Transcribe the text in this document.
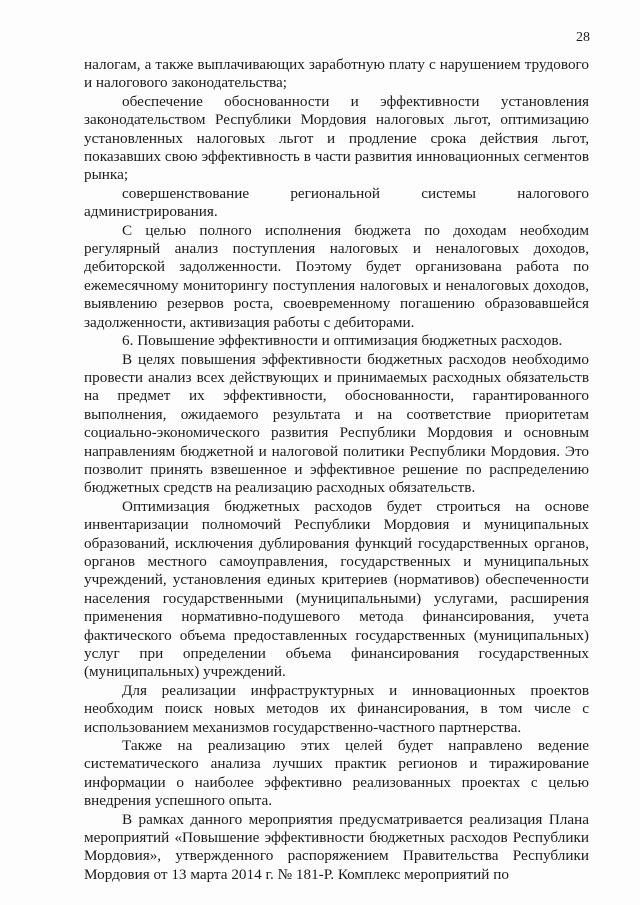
28

налогам, а также выплачивающих заработную плату с нарушением трудового и налогового законодательства;

обеспечение обоснованности и эффективности установления законодательством Республики Мордовия налоговых льгот, оптимизацию установленных налоговых льгот и продление срока действия льгот, показавших свою эффективность в части развития инновационных сегментов рынка;

совершенствование региональной системы налогового администрирования.

С целью полного исполнения бюджета по доходам необходим регулярный анализ поступления налоговых и неналоговых доходов, дебиторской задолженности. Поэтому будет организована работа по ежемесячному мониторингу поступления налоговых и неналоговых доходов, выявлению резервов роста, своевременному погашению образовавшейся задолженности, активизация работы с дебиторами.

6. Повышение эффективности и оптимизация бюджетных расходов.

В целях повышения эффективности бюджетных расходов необходимо провести анализ всех действующих и принимаемых расходных обязательств на предмет их эффективности, обоснованности, гарантированного выполнения, ожидаемого результата и на соответствие приоритетам социально-экономического развития Республики Мордовия и основным направлениям бюджетной и налоговой политики Республики Мордовия. Это позволит принять взвешенное и эффективное решение по распределению бюджетных средств на реализацию расходных обязательств.

Оптимизация бюджетных расходов будет строиться на основе инвентаризации полномочий Республики Мордовия и муниципальных образований, исключения дублирования функций государственных органов, органов местного самоуправления, государственных и муниципальных учреждений, установления единых критериев (нормативов) обеспеченности населения государственными (муниципальными) услугами, расширения применения нормативно-подушевого метода финансирования, учета фактического объема предоставленных государственных (муниципальных) услуг при определении объема финансирования государственных (муниципальных) учреждений.

Для реализации инфраструктурных и инновационных проектов необходим поиск новых методов их финансирования, в том числе с использованием механизмов государственно-частного партнерства.

Также на реализацию этих целей будет направлено ведение систематического анализа лучших практик регионов и тиражирование информации о наиболее эффективно реализованных проектах с целью внедрения успешного опыта.

В рамках данного мероприятия предусматривается реализация Плана мероприятий «Повышение эффективности бюджетных расходов Республики Мордовия», утвержденного распоряжением Правительства Республики Мордовия от 13 марта 2014 г. № 181-Р. Комплекс мероприятий по
